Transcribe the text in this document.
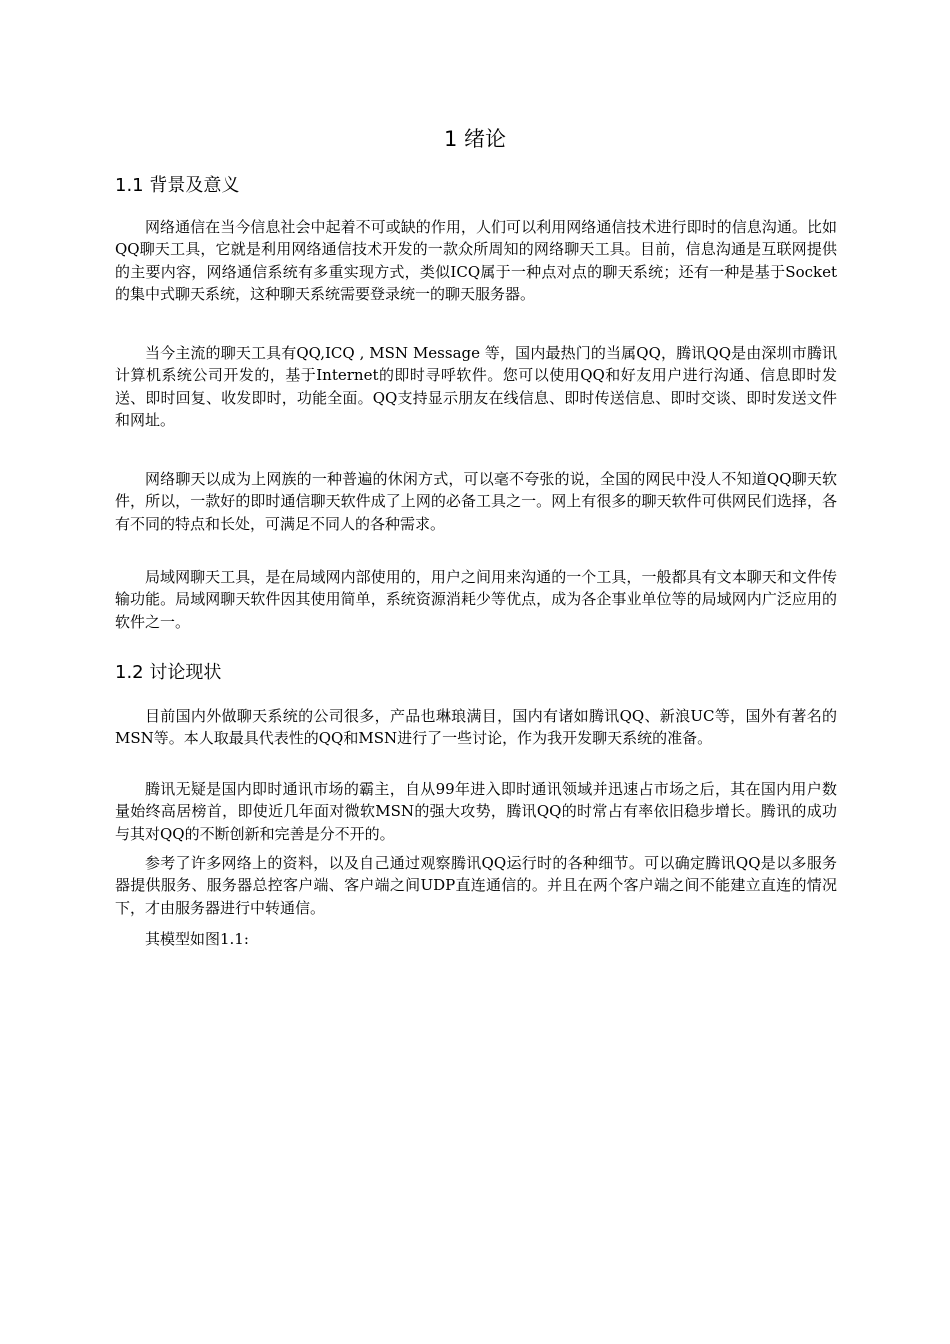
1 绪论
1.1 背景及意义

网络通信在当今信息社会中起着不可或缺的作用，人们可以利用网络通信技术进行即时的信息沟通。比如QQ聊天工具，它就是利用网络通信技术开发的一款众所周知的网络聊天工具。目前，信息沟通是互联网提供的主要内容，网络通信系统有多重实现方式，类似ICQ属于一种点对点的聊天系统；还有一种是基于Socket的集中式聊天系统，这种聊天系统需要登录统一的聊天服务器。

当今主流的聊天工具有QQ,ICQ , MSN Message 等，国内最热门的当属QQ，腾讯QQ是由深圳市腾讯计算机系统公司开发的，基于Internet的即时寻呼软件。您可以使用QQ和好友用户进行沟通、信息即时发送、即时回复、收发即时，功能全面。QQ支持显示朋友在线信息、即时传送信息、即时交谈、即时发送文件和网址。

网络聊天以成为上网族的一种普遍的休闲方式，可以毫不夸张的说，全国的网民中没人不知道QQ聊天软件，所以，一款好的即时通信聊天软件成了上网的必备工具之一。网上有很多的聊天软件可供网民们选择，各有不同的特点和长处，可满足不同人的各种需求。

局域网聊天工具，是在局域网内部使用的，用户之间用来沟通的一个工具，一般都具有文本聊天和文件传输功能。局域网聊天软件因其使用简单，系统资源消耗少等优点，成为各企事业单位等的局域网内广泛应用的软件之一。

1.2 讨论现状

目前国内外做聊天系统的公司很多，产品也琳琅满目，国内有诸如腾讯QQ、新浪UC等，国外有著名的MSN等。本人取最具代表性的QQ和MSN进行了一些讨论，作为我开发聊天系统的准备。

腾讯无疑是国内即时通讯市场的霸主，自从99年进入即时通讯领域并迅速占市场之后，其在国内用户数量始终高居榜首，即使近几年面对微软MSN的强大攻势，腾讯QQ的时常占有率依旧稳步增长。腾讯的成功与其对QQ的不断创新和完善是分不开的。

参考了许多网络上的资料，以及自己通过观察腾讯QQ运行时的各种细节。可以确定腾讯QQ是以多服务器提供服务、服务器总控客户端、客户端之间UDP直连通信的。并且在两个客户端之间不能建立直连的情况下，才由服务器进行中转通信。

其模型如图1.1:
